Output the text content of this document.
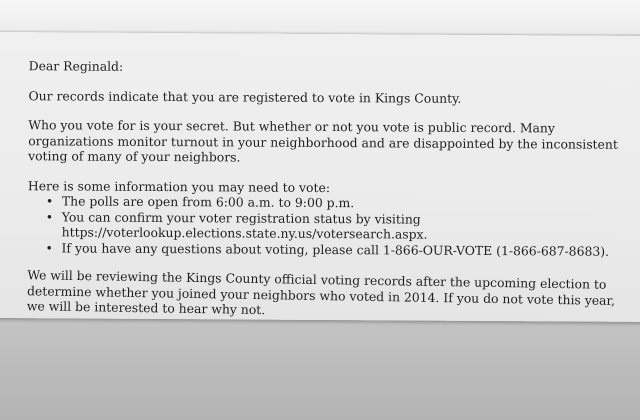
Dear Reginald:

Our records indicate that you are registered to vote in Kings County.

Who you vote for is your secret. But whether or not you vote is public record. Many organizations monitor turnout in your neighborhood and are disappointed by the inconsistent voting of many of your neighbors.

Here is some information you may need to vote:

• The polls are open from 6:00 a.m. to 9:00 p.m.
• You can confirm your voter registration status by visiting
https://voterlookup.elections.state.ny.us/votersearch.aspx.
• If you have any questions about voting, please call 1-866-OUR-VOTE (1-866-687-8683).

We will be reviewing the Kings County official voting records after the upcoming election to determine whether you joined your neighbors who voted in 2014. If you do not vote this year, we will be interested to hear why not.
